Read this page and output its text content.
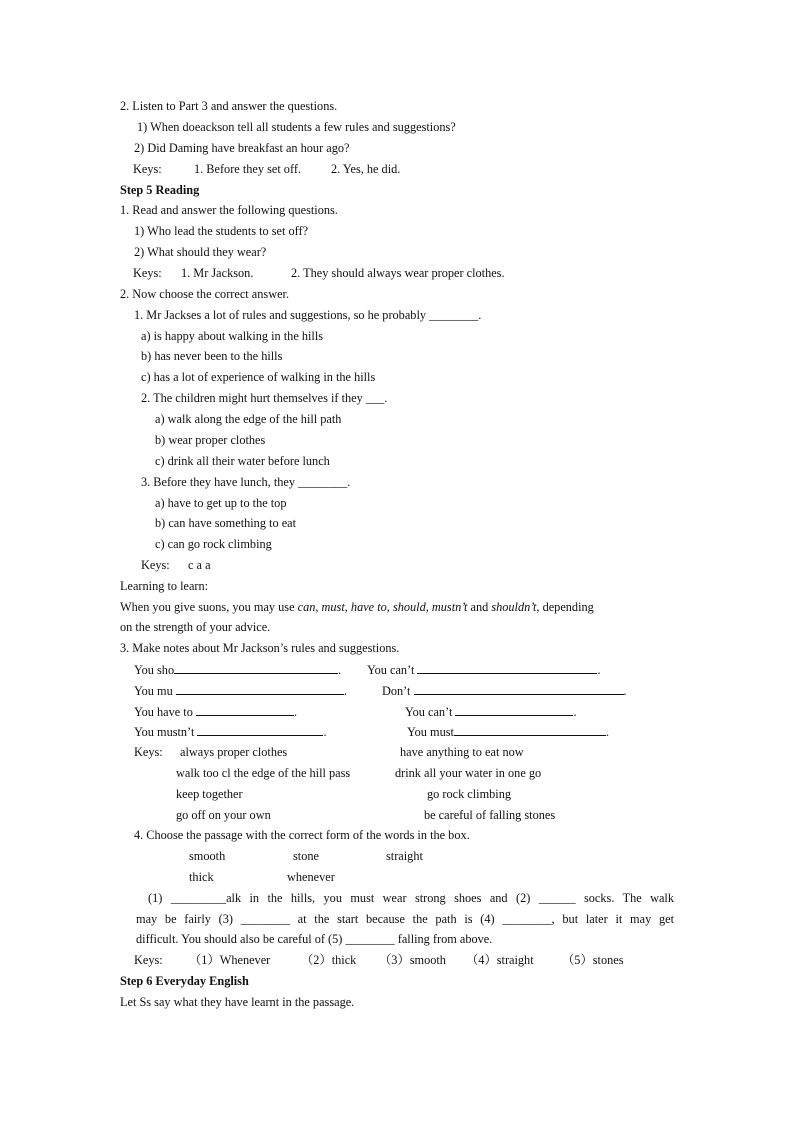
2. Listen to Part 3 and answer the questions.
1) When doeackson tell all students a few rules and suggestions?
2) Did Daming have breakfast an hour ago?
Keys:	1. Before they set off. 2. Yes, he did.
Step 5 Reading
1. Read and answer the following questions.
1) Who lead the students to set off?
2) What should they wear?
Keys: 1. Mr Jackson.	2. They should always wear proper clothes.
2. Now choose the correct answer.
1. Mr Jackses a lot of rules and suggestions, so he probably ________.
a) is happy about walking in the hills
b) has never been to the hills
c) has a lot of experience of walking in the hills
2. The children might hurt themselves if they ___.
a) walk along the edge of the hill path
b) wear proper clothes
c) drink all their water before lunch
3. Before they have lunch, they ________.
a) have to get up to the top
b) can have something to eat
c) can go rock climbing
Keys: c a a
Learning to learn:
When you give suons, you may use can, must, have to, should, mustn’t and shouldn’t, depending
on the strength of your advice.
3. Make notes about Mr Jackson’s rules and suggestions.
You sho	. You can’t	.
You mu	.	Don’t	.
You have to	.	You can’t	.
You mustn’t	.	You must	.
Keys: always proper clothes	have anything to eat now
walk too cl the edge of the hill pass	drink all your water in one go
keep together	go rock climbing
go off on your own	be careful of falling stones
4. Choose the passage with the correct form of the words in the box.
smooth	stone	straight
thick	whenever
(1) _________alk in the hills, you must wear strong shoes and (2) ______ socks. The walk
may be fairly (3) ________ at the start because the path is (4) ________, but later it may get
difficult. You should also be careful of (5) ________ falling from above.
Keys: （1）Whenever （2）thick （3）smooth （4）straight （5）stones
Step 6 Everyday English
Let Ss say what they have learnt in the passage.
